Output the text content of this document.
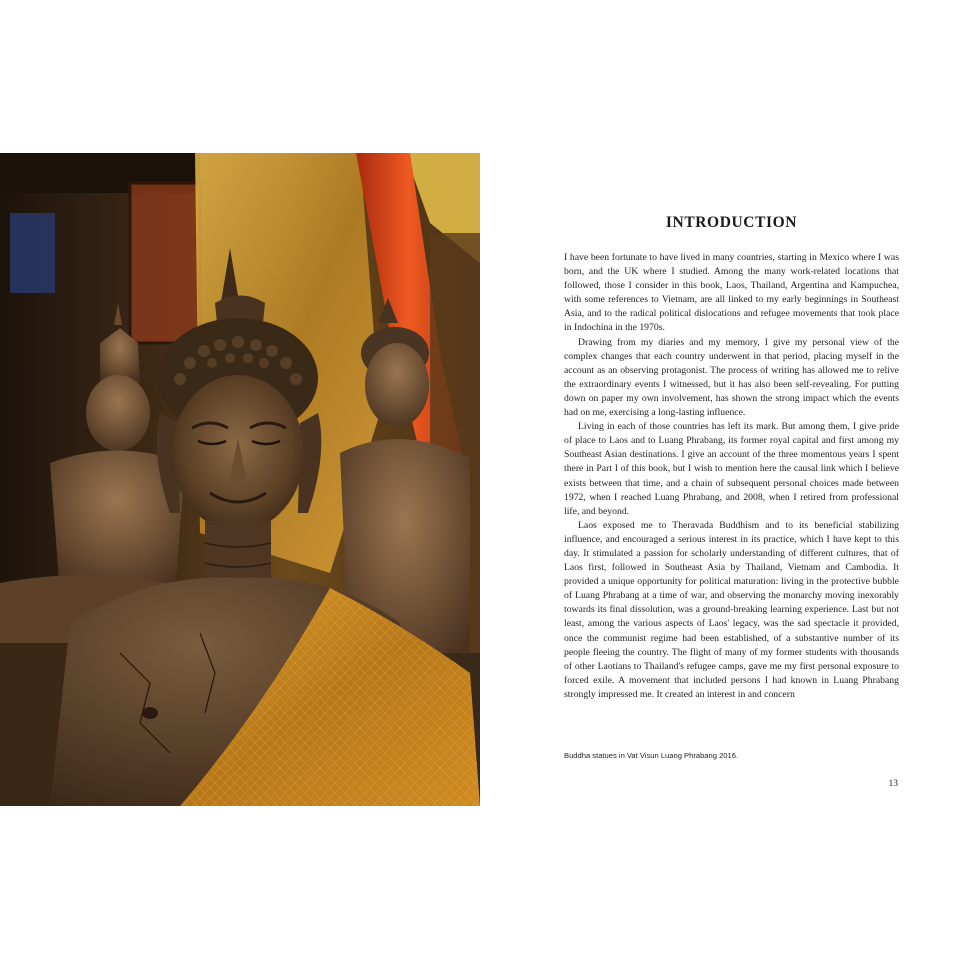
INTRODUCTION

I have been fortunate to have lived in many countries, starting in Mexico where I was born, and the UK where I studied. Among the many work-related locations that followed, those I consider in this book, Laos, Thailand, Argentina and Kampuchea, with some references to Vietnam, are all linked to my early beginnings in Southeast Asia, and to the radical political dislocations and refugee movements that took place in Indochina in the 1970s.

Drawing from my diaries and my memory, I give my personal view of the complex changes that each country underwent in that period, placing myself in the account as an observing protagonist. The process of writing has allowed me to relive the extraordinary events I witnessed, but it has also been self-revealing. For putting down on paper my own involvement, has shown the strong impact which the events had on me, exercising a long-lasting influence.

Living in each of those countries has left its mark. But among them, I give pride of place to Laos and to Luang Phrabang, its former royal capital and first among my Southeast Asian destinations. I give an account of the three momentous years I spent there in Part I of this book, but I wish to mention here the causal link which I believe exists between that time, and a chain of subsequent personal choices made between 1972, when I reached Luang Phrabang, and 2008, when I retired from professional life, and beyond.

Laos exposed me to Theravada Buddhism and to its beneficial stabilizing influence, and encouraged a serious interest in its practice, which I have kept to this day. It stimulated a passion for scholarly understanding of different cultures, that of Laos first, followed in Southeast Asia by Thailand, Vietnam and Cambodia. It provided a unique opportunity for political maturation: living in the protective bubble of Luang Phrabang at a time of war, and observing the monarchy moving inexorably towards its final dissolution, was a ground-breaking learning experience. Last but not least, among the various aspects of Laos' legacy, was the sad spectacle it provided, once the communist regime had been established, of a substantive number of its people fleeing the country. The flight of many of my former students with thousands of other Laotians to Thailand's refugee camps, gave me my first personal exposure to forced exile. A movement that included persons I had known in Luang Phrabang strongly impressed me. It created an interest in and concern

Buddha statues in Vat Visun Luang Phrabang 2016.
13
